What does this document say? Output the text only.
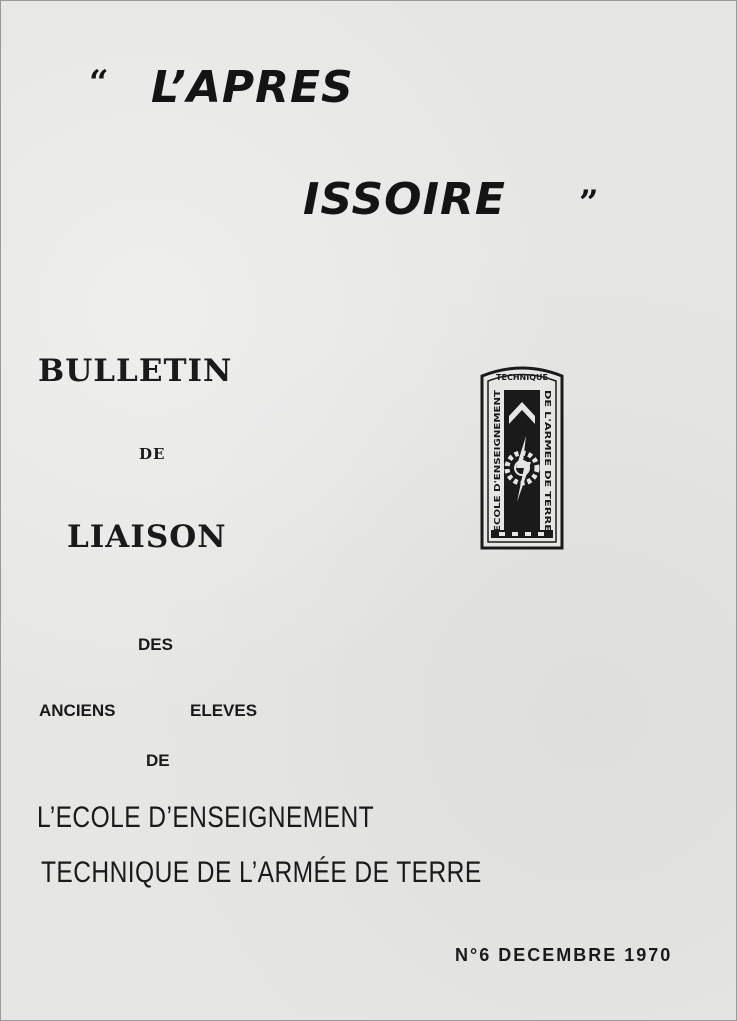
“ L’APRES
ISSOIRE ”
BULLETIN
DE
LIAISON
DES
ANCIENS	ELEVES
DE
L’ECOLE D’ENSEIGNEMENT
TECHNIQUE DE L’ARMÉE DE TERRE
N°6 DECEMBRE 1970
TECHNIQUE
ECOLE D'ENSEIGNEMENT	DE L'ARMEE DE TERRE
